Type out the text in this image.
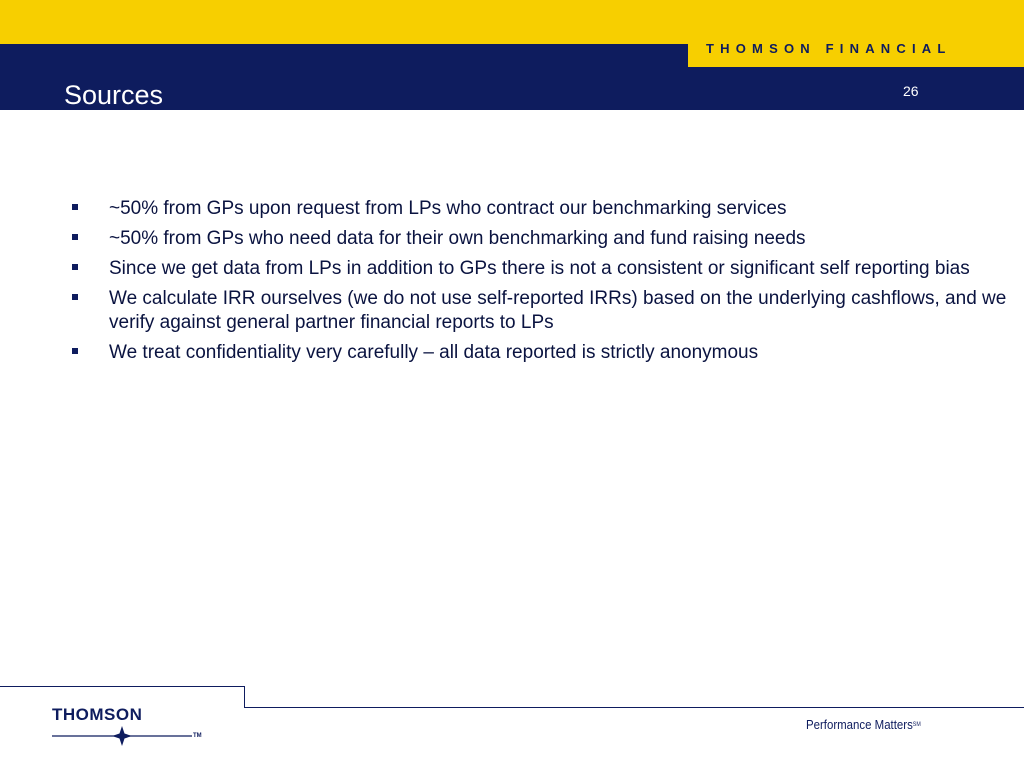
THOMSON FINANCIAL
Sources	26
~50% from GPs upon request from LPs who contract our benchmarking services
~50% from GPs who need data for their own benchmarking and fund raising needs
Since we get data from LPs in addition to GPs there is not a consistent or significant self reporting bias
We calculate IRR ourselves (we do not use self-reported IRRs) based on the underlying cashflows, and we verify against general partner financial reports to LPs
We treat confidentiality very carefully – all data reported is strictly anonymous
THOMSON
TM
Performance Matters℠
